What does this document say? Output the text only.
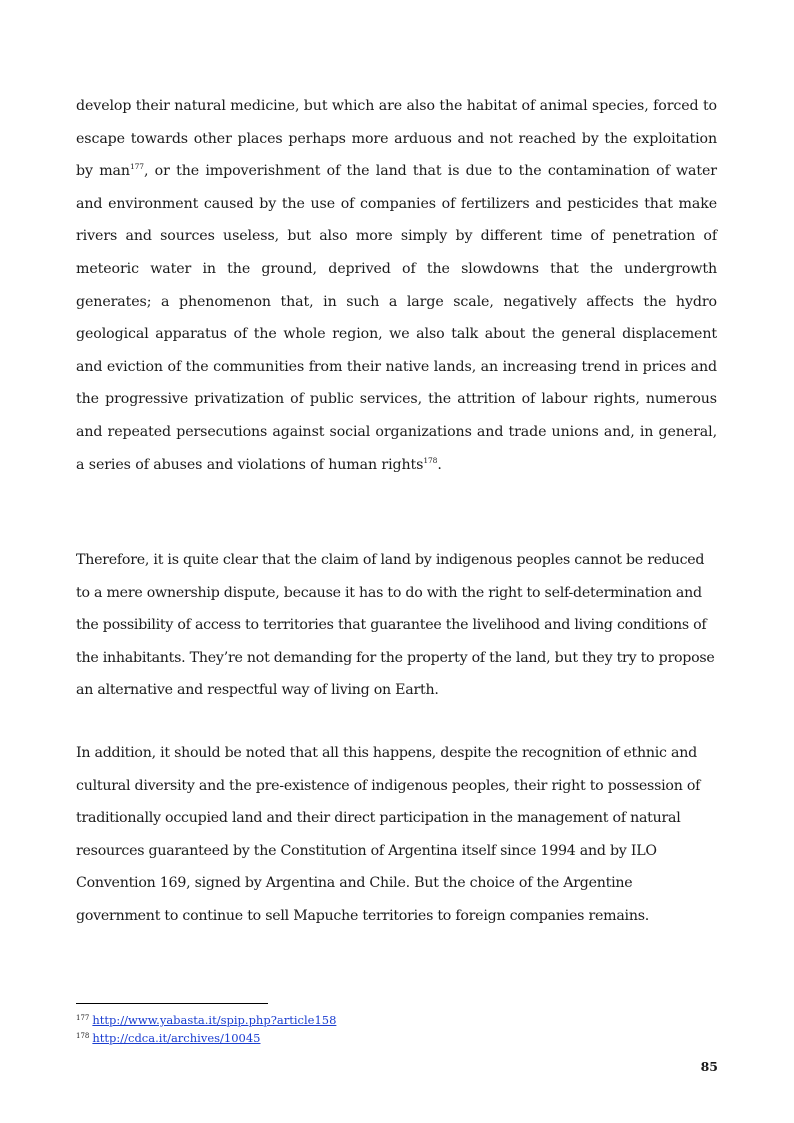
develop their natural medicine, but which are also the habitat of animal species, forced to escape towards other places perhaps more arduous and not reached by the exploitation by man$^{177}$, or the impoverishment of the land that is due to the contamination of water and environment caused by the use of companies of fertilizers and pesticides that make rivers and sources useless, but also more simply by different time of penetration of meteoric water in the ground, deprived of the slowdowns that the undergrowth generates; a phenomenon that, in such a large scale, negatively affects the hydro geological apparatus of the whole region, we also talk about the general displacement and eviction of the communities from their native lands, an increasing trend in prices and the progressive privatization of public services, the attrition of labour rights, numerous and repeated persecutions against social organizations and trade unions and, in general, a series of abuses and violations of human rights$^{178}$.

Therefore, it is quite clear that the claim of land by indigenous peoples cannot be reduced to a mere ownership dispute, because it has to do with the right to self-determination and the possibility of access to territories that guarantee the livelihood and living conditions of the inhabitants. They’re not demanding for the property of the land, but they try to propose an alternative and respectful way of living on Earth.

In addition, it should be noted that all this happens, despite the recognition of ethnic and cultural diversity and the pre-existence of indigenous peoples, their right to possession of traditionally occupied land and their direct participation in the management of natural resources guaranteed by the Constitution of Argentina itself since 1994 and by ILO Convention 169, signed by Argentina and Chile. But the choice of the Argentine government to continue to sell Mapuche territories to foreign companies remains.

$^{177}$ http://www.yabasta.it/spip.php?article158
$^{178}$ http://cdca.it/archives/10045
85
